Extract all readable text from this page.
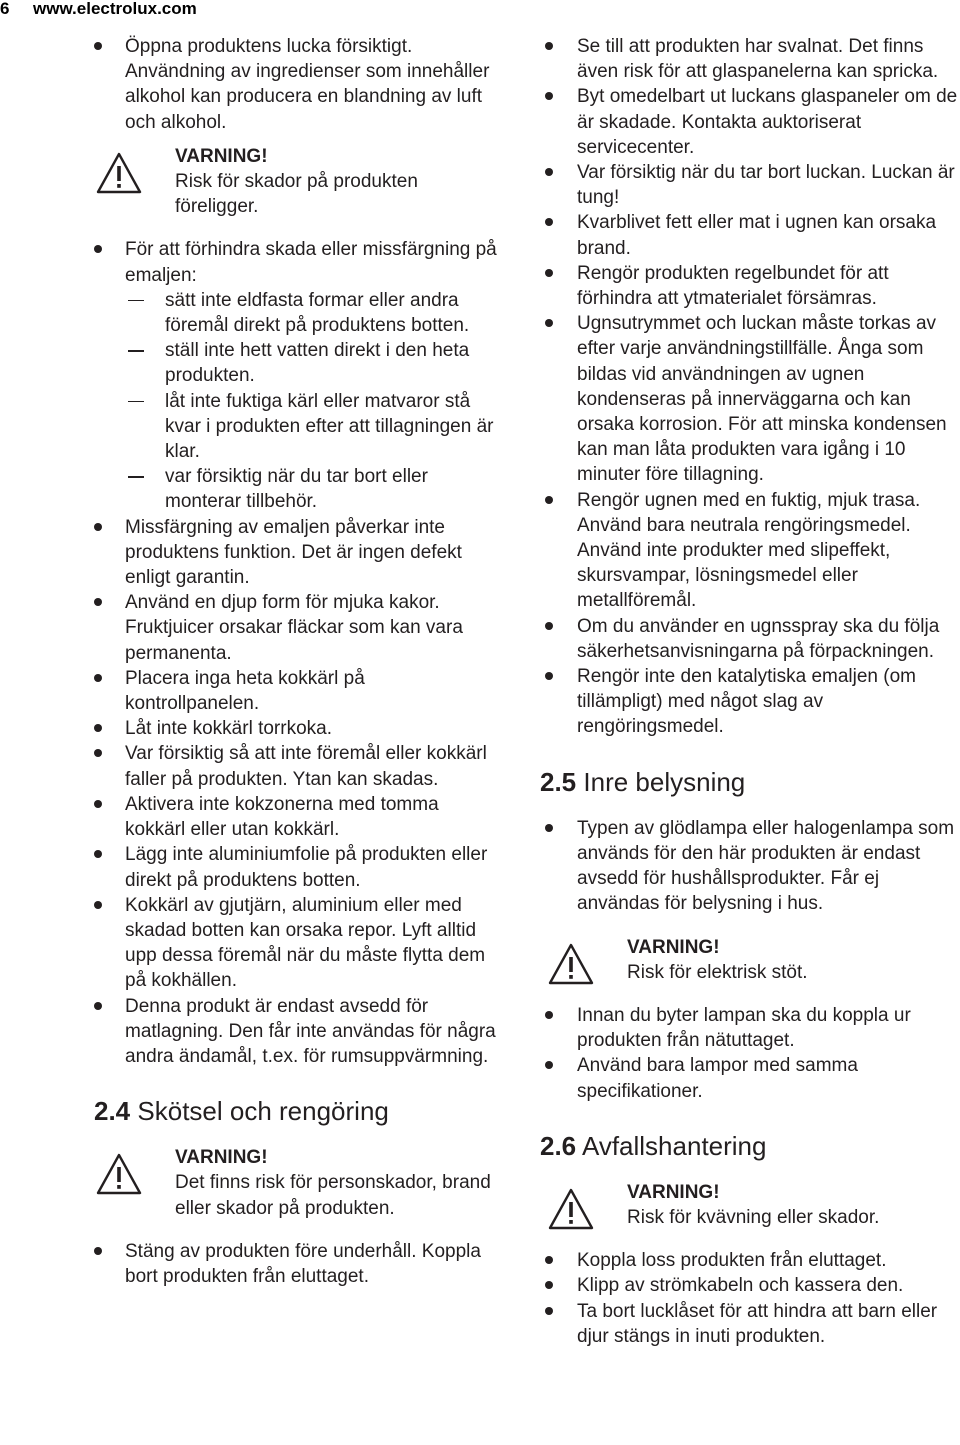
6 www.electrolux.com
Öppna produktens lucka försiktigt. Användning av ingredienser som innehåller alkohol kan producera en blandning av luft och alkohol.
VARNING!
Risk för skador på produkten föreligger.
För att förhindra skada eller missfärgning på emaljen:
sätt inte eldfasta formar eller andra föremål direkt på produktens botten.
ställ inte hett vatten direkt i den heta produkten.
låt inte fuktiga kärl eller matvaror stå kvar i produkten efter att tillagningen är klar.
var försiktig när du tar bort eller monterar tillbehör.
Missfärgning av emaljen påverkar inte produktens funktion. Det är ingen defekt enligt garantin.
Använd en djup form för mjuka kakor. Fruktjuicer orsakar fläckar som kan vara permanenta.
Placera inga heta kokkärl på kontrollpanelen.
Låt inte kokkärl torrkoka.
Var försiktig så att inte föremål eller kokkärl faller på produkten. Ytan kan skadas.
Aktivera inte kokzonerna med tomma kokkärl eller utan kokkärl.
Lägg inte aluminiumfolie på produkten eller direkt på produktens botten.
Kokkärl av gjutjärn, aluminium eller med skadad botten kan orsaka repor. Lyft alltid upp dessa föremål när du måste flytta dem på kokhällen.
Denna produkt är endast avsedd för matlagning. Den får inte användas för några andra ändamål, t.ex. för rumsuppvärmning.
2.4 Skötsel och rengöring
VARNING!
Det finns risk för personskador, brand eller skador på produkten.
Stäng av produkten före underhåll. Koppla bort produkten från eluttaget.
Se till att produkten har svalnat. Det finns även risk för att glaspanelerna kan spricka.
Byt omedelbart ut luckans glaspaneler om de är skadade. Kontakta auktoriserat servicecenter.
Var försiktig när du tar bort luckan. Luckan är tung!
Kvarblivet fett eller mat i ugnen kan orsaka brand.
Rengör produkten regelbundet för att förhindra att ytmaterialet försämras.
Ugnsutrymmet och luckan måste torkas av efter varje användningstillfälle. Ånga som bildas vid användningen av ugnen kondenseras på innerväggarna och kan orsaka korrosion. För att minska kondensen kan man låta produkten vara igång i 10 minuter före tillagning.
Rengör ugnen med en fuktig, mjuk trasa. Använd bara neutrala rengöringsmedel. Använd inte produkter med slipeffekt, skursvampar, lösningsmedel eller metallföremål.
Om du använder en ugnsspray ska du följa säkerhetsanvisningarna på förpackningen.
Rengör inte den katalytiska emaljen (om tillämpligt) med något slag av rengöringsmedel.
2.5 Inre belysning
Typen av glödlampa eller halogenlampa som används för den här produkten är endast avsedd för hushållsprodukter. Får ej användas för belysning i hus.
VARNING!
Risk för elektrisk stöt.
Innan du byter lampan ska du koppla ur produkten från nätuttaget.
Använd bara lampor med samma specifikationer.
2.6 Avfallshantering
VARNING!
Risk för kvävning eller skador.
Koppla loss produkten från eluttaget.
Klipp av strömkabeln och kassera den.
Ta bort lucklåset för att hindra att barn eller djur stängs in inuti produkten.
